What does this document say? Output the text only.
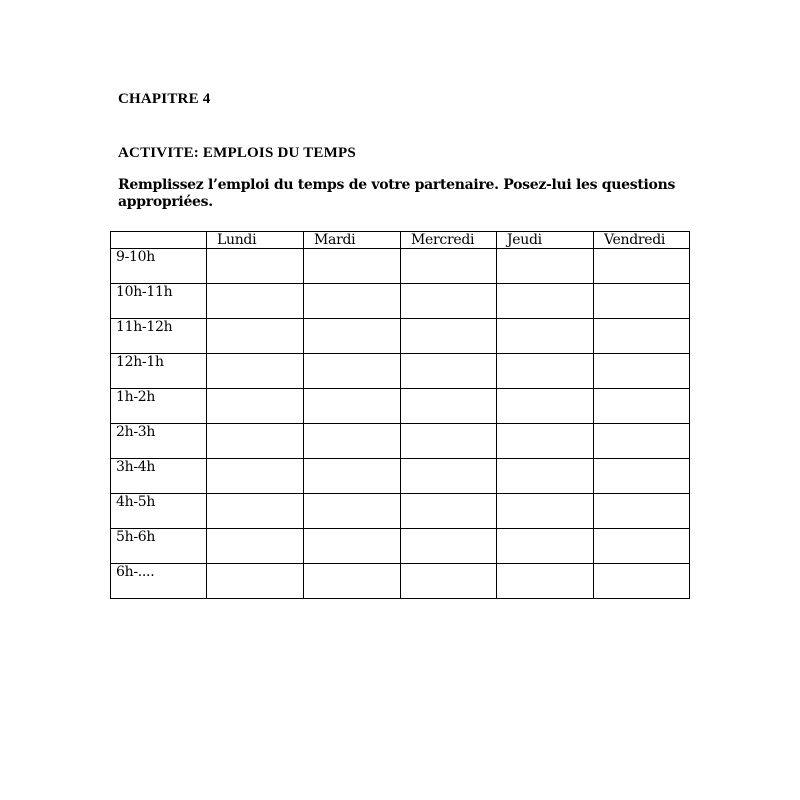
CHAPITRE 4
ACTIVITE: EMPLOIS DU TEMPS
Remplissez l’emploi du temps de votre partenaire. Posez-lui les questions appropriées.
	Lundi	Mardi	Mercredi	Jeudi	Vendredi
9-10h					
10h-11h					
11h-12h					
12h-1h					
1h-2h					
2h-3h					
3h-4h					
4h-5h					
5h-6h					
6h-....					
